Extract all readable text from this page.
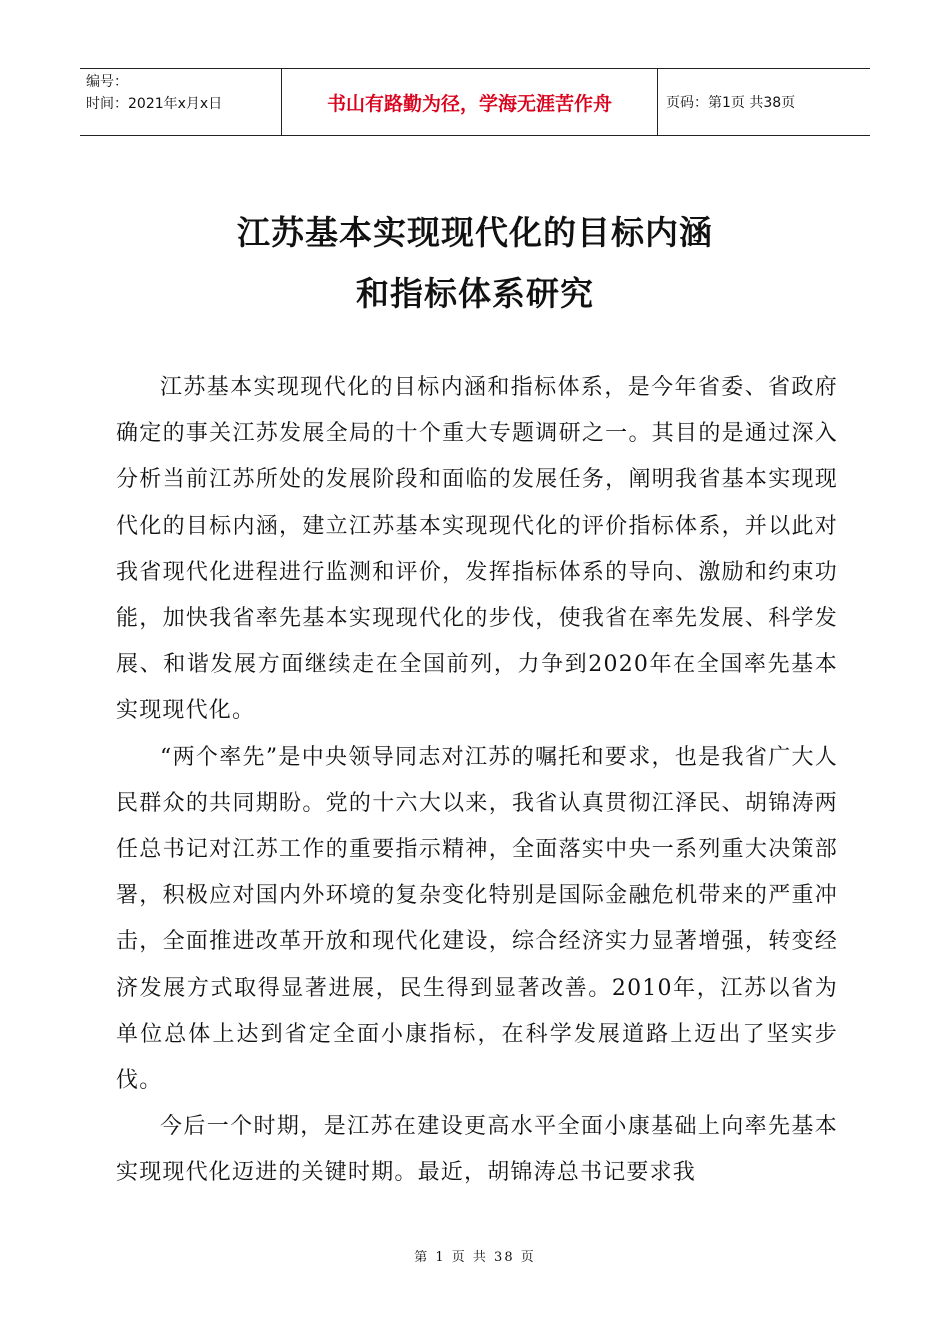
编号：
时间：2021年x月x日	书山有路勤为径，学海无涯苦作舟	页码：第1页 共38页
江苏基本实现现代化的目标内涵
和指标体系研究

江苏基本实现现代化的目标内涵和指标体系，是今年省委、省政府确定的事关江苏发展全局的十个重大专题调研之一。其目的是通过深入分析当前江苏所处的发展阶段和面临的发展任务，阐明我省基本实现现代化的目标内涵，建立江苏基本实现现代化的评价指标体系，并以此对我省现代化进程进行监测和评价，发挥指标体系的导向、激励和约束功能，加快我省率先基本实现现代化的步伐，使我省在率先发展、科学发展、和谐发展方面继续走在全国前列，力争到2020年在全国率先基本实现现代化。

“两个率先”是中央领导同志对江苏的嘱托和要求，也是我省广大人民群众的共同期盼。党的十六大以来，我省认真贯彻江泽民、胡锦涛两任总书记对江苏工作的重要指示精神，全面落实中央一系列重大决策部署，积极应对国内外环境的复杂变化特别是国际金融危机带来的严重冲击，全面推进改革开放和现代化建设，综合经济实力显著增强，转变经济发展方式取得显著进展，民生得到显著改善。2010年，江苏以省为单位总体上达到省定全面小康指标，在科学发展道路上迈出了坚实步伐。

今后一个时期，是江苏在建设更高水平全面小康基础上向率先基本实现现代化迈进的关键时期。最近，胡锦涛总书记要求我

第 1 页 共 38 页
